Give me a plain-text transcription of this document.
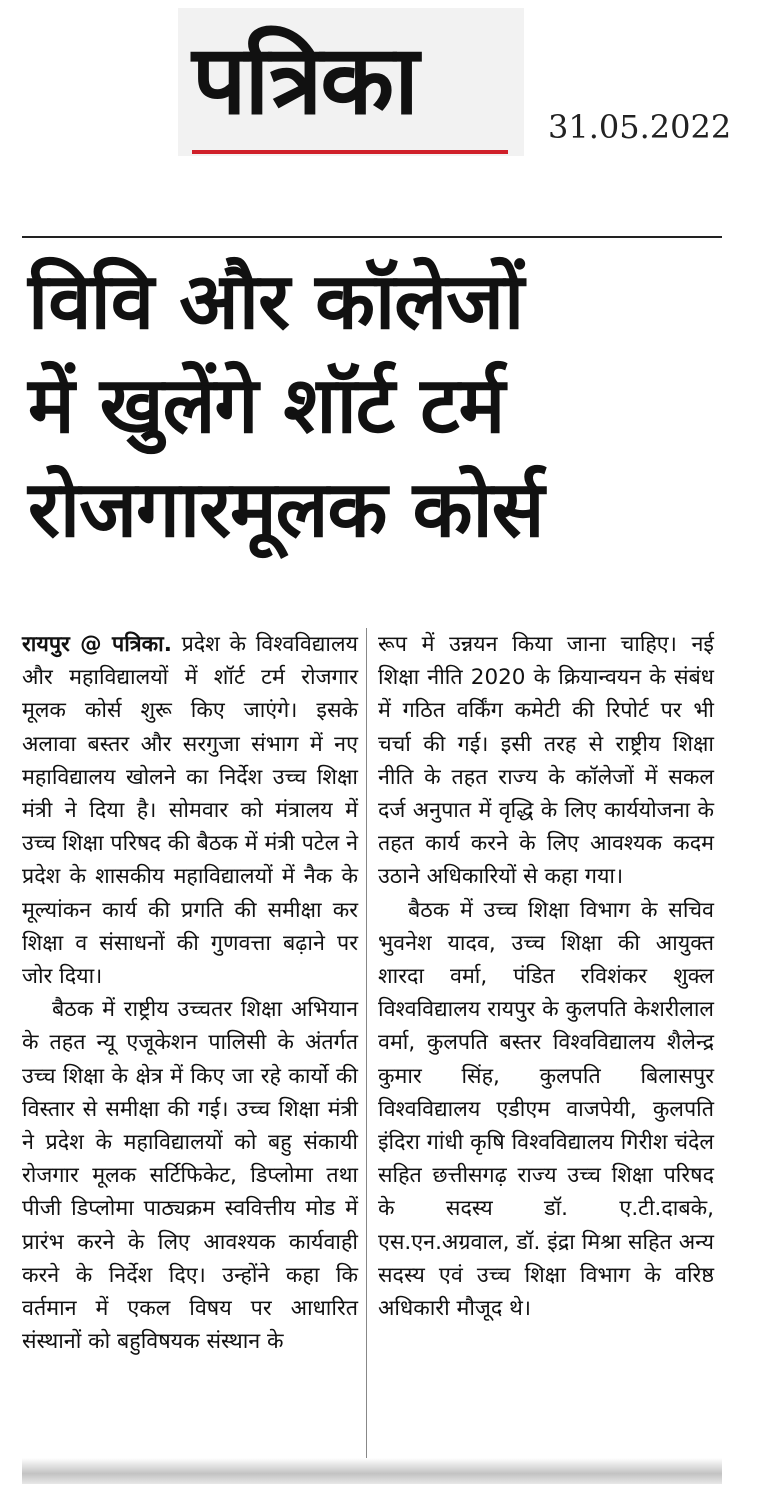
पत्रिका	31.05.2022
विवि और कॉलेजों
में खुलेंगे शॉर्ट टर्म
रोजगारमूलक कोर्स

रायपुर @ पत्रिका. प्रदेश के विश्वविद्यालय और महाविद्यालयों में शॉर्ट टर्म रोजगार मूलक कोर्स शुरू किए जाएंगे। इसके अलावा बस्तर और सरगुजा संभाग में नए महाविद्यालय खोलने का निर्देश उच्च शिक्षा मंत्री ने दिया है। सोमवार को मंत्रालय में उच्च शिक्षा परिषद की बैठक में मंत्री पटेल ने प्रदेश के शासकीय महाविद्यालयों में नैक के मूल्यांकन कार्य की प्रगति की समीक्षा कर शिक्षा व संसाधनों की गुणवत्ता बढ़ाने पर जोर दिया।

बैठक में राष्ट्रीय उच्चतर शिक्षा अभियान के तहत न्यू एजूकेशन पालिसी के अंतर्गत उच्च शिक्षा के क्षेत्र में किए जा रहे कार्यो की विस्तार से समीक्षा की गई। उच्च शिक्षा मंत्री ने प्रदेश के महाविद्यालयों को बहु संकायी रोजगार मूलक सर्टिफिकेट, डिप्लोमा तथा पीजी डिप्लोमा पाठ्यक्रम स्ववित्तीय मोड में प्रारंभ करने के लिए आवश्यक कार्यवाही करने के निर्देश दिए। उन्होंने कहा कि वर्तमान में एकल विषय पर आधारित संस्थानों को बहुविषयक संस्थान के

रूप में उन्नयन किया जाना चाहिए। नई शिक्षा नीति 2020 के क्रियान्वयन के संबंध में गठित वर्किंग कमेटी की रिपोर्ट पर भी चर्चा की गई। इसी तरह से राष्ट्रीय शिक्षा नीति के तहत राज्य के कॉलेजों में सकल दर्ज अनुपात में वृद्धि के लिए कार्ययोजना के तहत कार्य करने के लिए आवश्यक कदम उठाने अधिकारियों से कहा गया।

बैठक में उच्च शिक्षा विभाग के सचिव भुवनेश यादव, उच्च शिक्षा की आयुक्त शारदा वर्मा, पंडित रविशंकर शुक्ल विश्वविद्यालय रायपुर के कुलपति केशरीलाल वर्मा, कुलपति बस्तर विश्वविद्यालय शैलेन्द्र कुमार सिंह, कुलपति बिलासपुर विश्वविद्यालय एडीएम वाजपेयी, कुलपति इंदिरा गांधी कृषि विश्वविद्यालय गिरीश चंदेल सहित छत्तीसगढ़ राज्य उच्च शिक्षा परिषद के सदस्य डॉ. ए.टी.दाबके, एस.एन.अग्रवाल, डॉ. इंद्रा मिश्रा सहित अन्य सदस्य एवं उच्च शिक्षा विभाग के वरिष्ठ अधिकारी मौजूद थे।
